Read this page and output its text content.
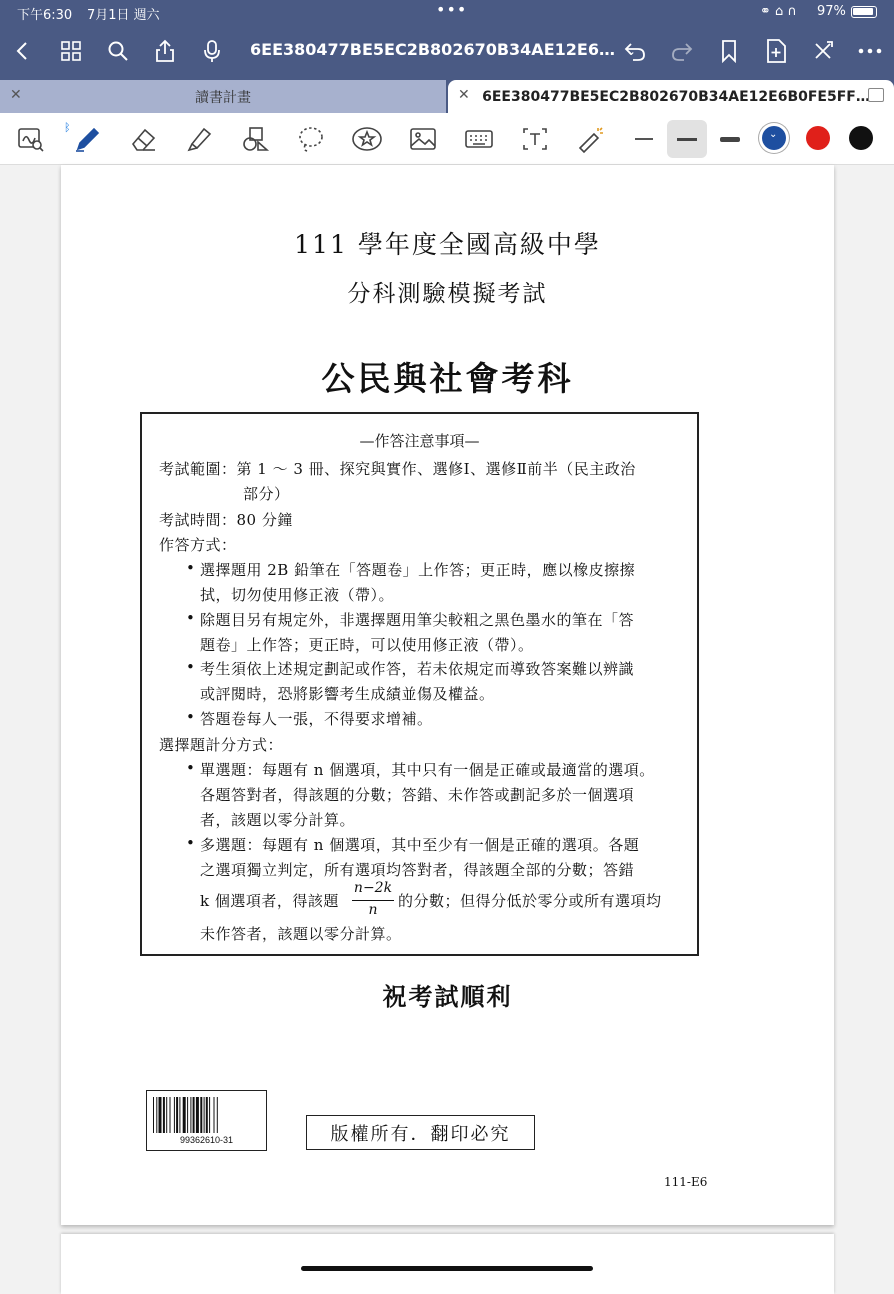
下午6:30 7月1日 週六	•••	⚭ ⌂ ∩ 97%
6EE380477BE5EC2B802670B34AE12E6… ⌄
✕	讀書計畫	✕ 6EE380477BE5EC2B802670B34AE12E6B0FE5FF…
ᛒ
⌄
111 學年度全國高級中學
分科測驗模擬考試
公民與社會考科
—作答注意事項—
考試範圍：第 1 ～ 3 冊、探究與實作、選修Ⅰ、選修Ⅱ前半（民主政治
部分）
考試時間：80 分鐘
作答方式：
• 選擇題用 2B 鉛筆在「答題卷」上作答；更正時，應以橡皮擦擦
拭，切勿使用修正液（帶）。
• 除題目另有規定外，非選擇題用筆尖較粗之黑色墨水的筆在「答
題卷」上作答；更正時，可以使用修正液（帶）。
• 考生須依上述規定劃記或作答，若未依規定而導致答案難以辨識
或評閱時，恐將影響考生成績並傷及權益。
• 答題卷每人一張，不得要求增補。
選擇題計分方式：
• 單選題：每題有 n 個選項，其中只有一個是正確或最適當的選項。
各題答對者，得該題的分數；答錯、未作答或劃記多於一個選項
者，該題以零分計算。
• 多選題：每題有 n 個選項，其中至少有一個是正確的選項。各題
之選項獨立判定，所有選項均答對者，得該題全部的分數；答錯
k 個選項者，得該題
n−2k
n	的分數；但得分低於零分或所有選項均
未作答者，該題以零分計算。
祝考試順利
99362610-31	版權所有．翻印必究
111-E6
